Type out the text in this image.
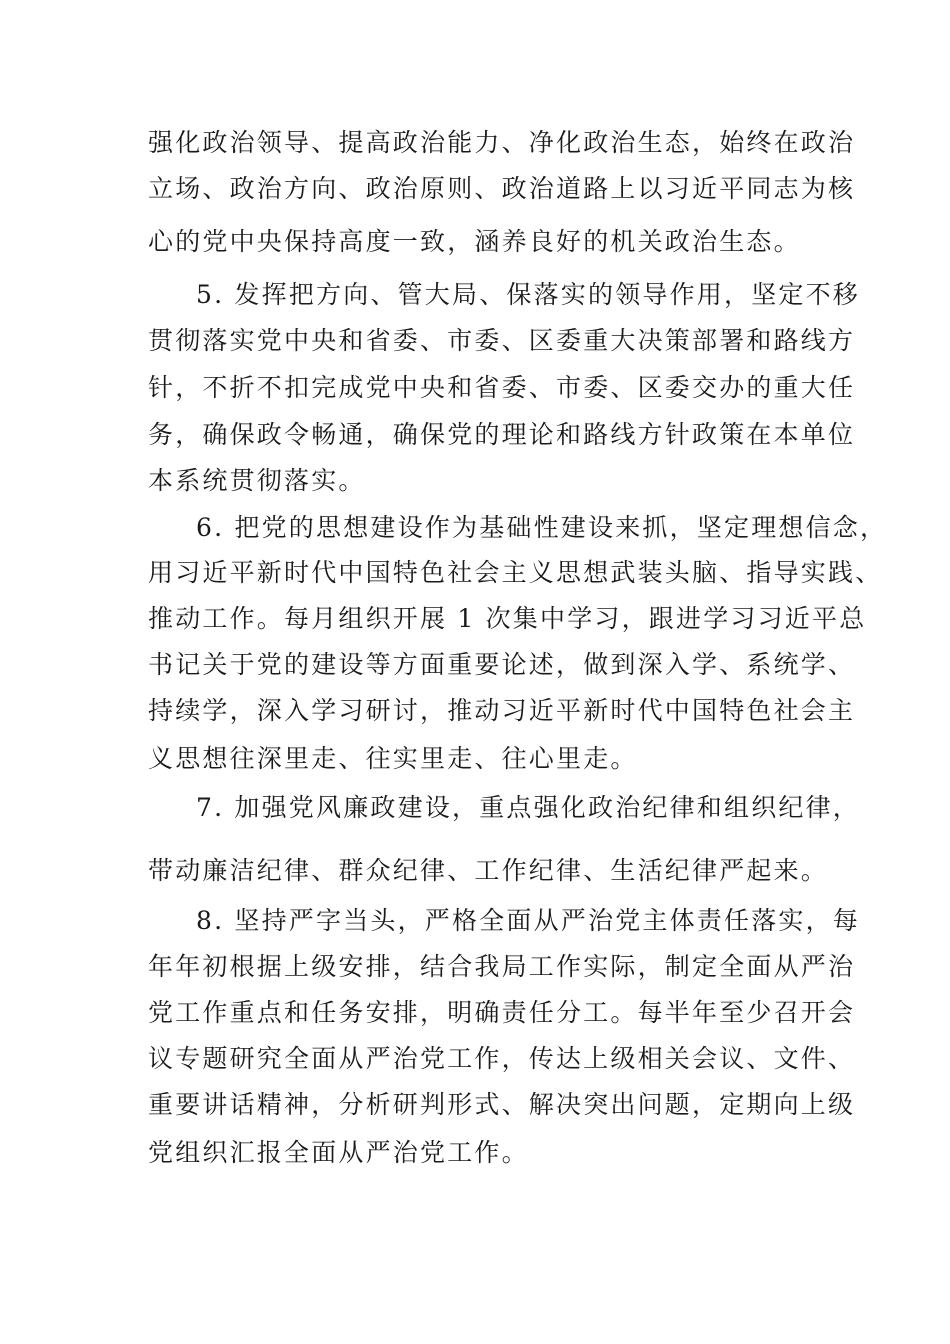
强化政治领导、提高政治能力、净化政治生态，始终在政治
立场、政治方向、政治原则、政治道路上以习近平同志为核
心的党中央保持高度一致，涵养良好的机关政治生态。
5. 发挥把方向、管大局、保落实的领导作用，坚定不移
贯彻落实党中央和省委、市委、区委重大决策部署和路线方
针，不折不扣完成党中央和省委、市委、区委交办的重大任
务，确保政令畅通，确保党的理论和路线方针政策在本单位
本系统贯彻落实。
6. 把党的思想建设作为基础性建设来抓，坚定理想信念，
用习近平新时代中国特色社会主义思想武装头脑、指导实践、
推动工作。每月组织开展 1 次集中学习，跟进学习习近平总
书记关于党的建设等方面重要论述，做到深入学、系统学、
持续学，深入学习研讨，推动习近平新时代中国特色社会主
义思想往深里走、往实里走、往心里走。
7. 加强党风廉政建设，重点强化政治纪律和组织纪律，
带动廉洁纪律、群众纪律、工作纪律、生活纪律严起来。
8. 坚持严字当头，严格全面从严治党主体责任落实，每
年年初根据上级安排，结合我局工作实际，制定全面从严治
党工作重点和任务安排，明确责任分工。每半年至少召开会
议专题研究全面从严治党工作，传达上级相关会议、文件、
重要讲话精神，分析研判形式、解决突出问题，定期向上级
党组织汇报全面从严治党工作。
